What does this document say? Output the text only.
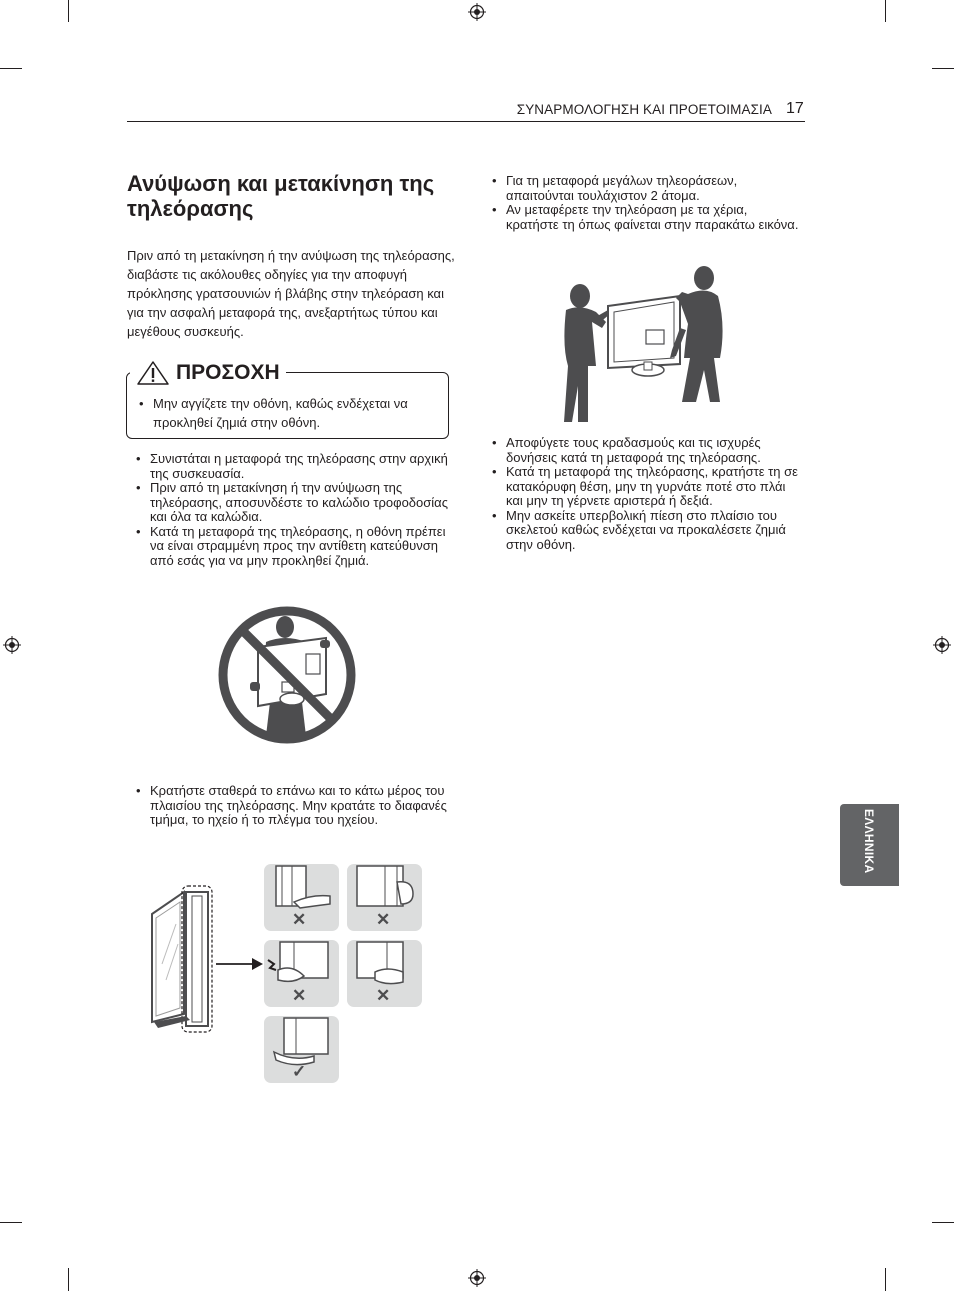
ΣΥΝΑΡΜΟΛΟΓΗΣΗ ΚΑΙ ΠΡΟΕΤΟΙΜΑΣΙΑ 17
Ανύψωση και μετακίνηση της τηλεόρασης
Πριν από τη μετακίνηση ή την ανύψωση της τηλεόρασης, διαβάστε τις ακόλουθες οδηγίες για την αποφυγή πρόκλησης γρατσουνιών ή βλάβης στην τηλεόραση και για την ασφαλή μεταφορά της, ανεξαρτήτως τύπου και μεγέθους συσκευής.
ΠΡΟΣΟΧΗ
• Μην αγγίζετε την οθόνη, καθώς ενδέχεται να προκληθεί ζημιά στην οθόνη.
• Συνιστάται η μεταφορά της τηλεόρασης στην αρχική της συσκευασία.
• Πριν από τη μετακίνηση ή την ανύψωση της τηλεόρασης, αποσυνδέστε το καλώδιο τροφοδοσίας και όλα τα καλώδια.
• Κατά τη μεταφορά της τηλεόρασης, η οθόνη πρέπει να είναι στραμμένη προς την αντίθετη κατεύθυνση από εσάς για να μην προκληθεί ζημιά.
• Κρατήστε σταθερά το επάνω και το κάτω μέρος του πλαισίου της τηλεόρασης. Μην κρατάτε το διαφανές τμήμα, το ηχείο ή το πλέγμα του ηχείου.
✕	✕
✕	✕
✓
• Για τη μεταφορά μεγάλων τηλεοράσεων, απαιτούνται τουλάχιστον 2 άτομα.
• Αν μεταφέρετε την τηλεόραση με τα χέρια, κρατήστε τη όπως φαίνεται στην παρακάτω εικόνα.
• Αποφύγετε τους κραδασμούς και τις ισχυρές δονήσεις κατά τη μεταφορά της τηλεόρασης.
• Κατά τη μεταφορά της τηλεόρασης, κρατήστε τη σε κατακόρυφη θέση, μην τη γυρνάτε ποτέ στο πλάι και μην τη γέρνετε αριστερά ή δεξιά.
• Μην ασκείτε υπερβολική πίεση στο πλαίσιο του σκελετού καθώς ενδέχεται να προκαλέσετε ζημιά στην οθόνη.
ΕΛΛΗΝΙΚΑ
